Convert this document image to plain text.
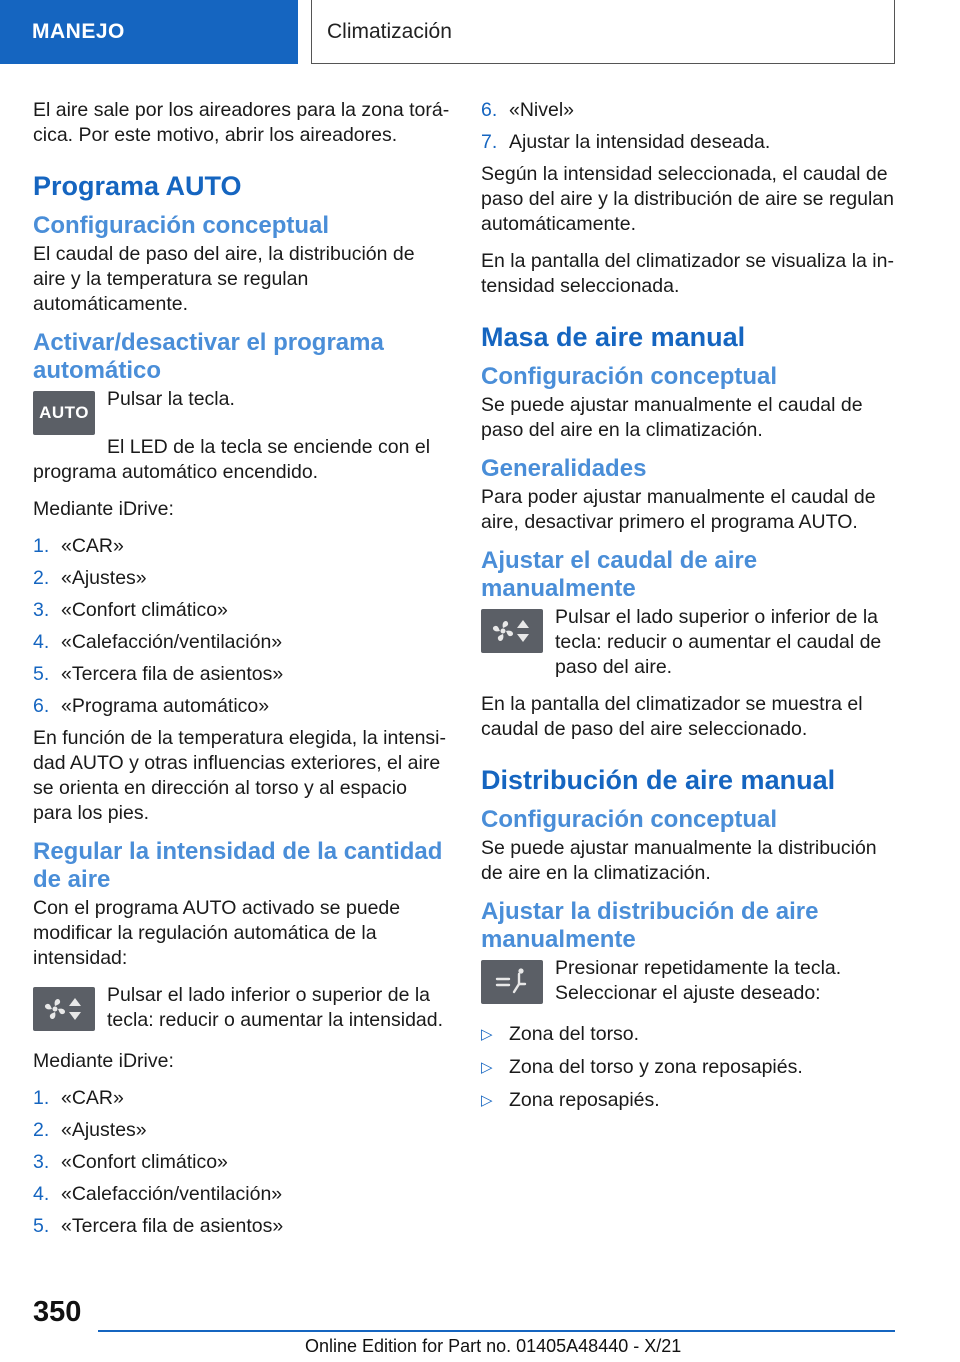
MANEJO	Climatización

El aire sale por los aireadores para la zona torácica. Por este motivo, abrir los aireadores.

Programa AUTO
Configuración conceptual

El caudal de paso del aire, la distribución de aire y la temperatura se regulan automáticamente.

Activar/desactivar el programa automático
AUTO
Pulsar la tecla.

El LED de la tecla se enciende con el programa automático encendido.

Mediante iDrive:

1. «CAR»
2. «Ajustes»
3. «Confort climático»
4. «Calefacción/ventilación»
5. «Tercera fila de asientos»
6. «Programa automático»

En función de la temperatura elegida, la intensidad AUTO y otras influencias exteriores, el aire se orienta en dirección al torso y al espacio para los pies.

Regular la intensidad de la cantidad de aire

Con el programa AUTO activado se puede modificar la regulación automática de la intensidad:

Pulsar el lado inferior o superior de la tecla: reducir o aumentar la intensidad.

Mediante iDrive:

1. «CAR»
2. «Ajustes»
3. «Confort climático»
4. «Calefacción/ventilación»
5. «Tercera fila de asientos»
6. «Nivel»
7. Ajustar la intensidad deseada.

Según la intensidad seleccionada, el caudal de paso del aire y la distribución de aire se regulan automáticamente.

En la pantalla del climatizador se visualiza la intensidad seleccionada.

Masa de aire manual
Configuración conceptual

Se puede ajustar manualmente el caudal de paso del aire en la climatización.

Generalidades

Para poder ajustar manualmente el caudal de aire, desactivar primero el programa AUTO.

Ajustar el caudal de aire manualmente
Pulsar el lado superior o inferior de la tecla: reducir o aumentar el caudal de paso del aire.

En la pantalla del climatizador se muestra el caudal de paso del aire seleccionado.

Distribución de aire manual
Configuración conceptual

Se puede ajustar manualmente la distribución de aire en la climatización.

Ajustar la distribución de aire manualmente
Presionar repetidamente la tecla. Seleccionar el ajuste deseado:
▷ Zona del torso.
▷ Zona del torso y zona reposapiés.
▷ Zona reposapiés.
350
Online Edition for Part no. 01405A48440 - X/21
